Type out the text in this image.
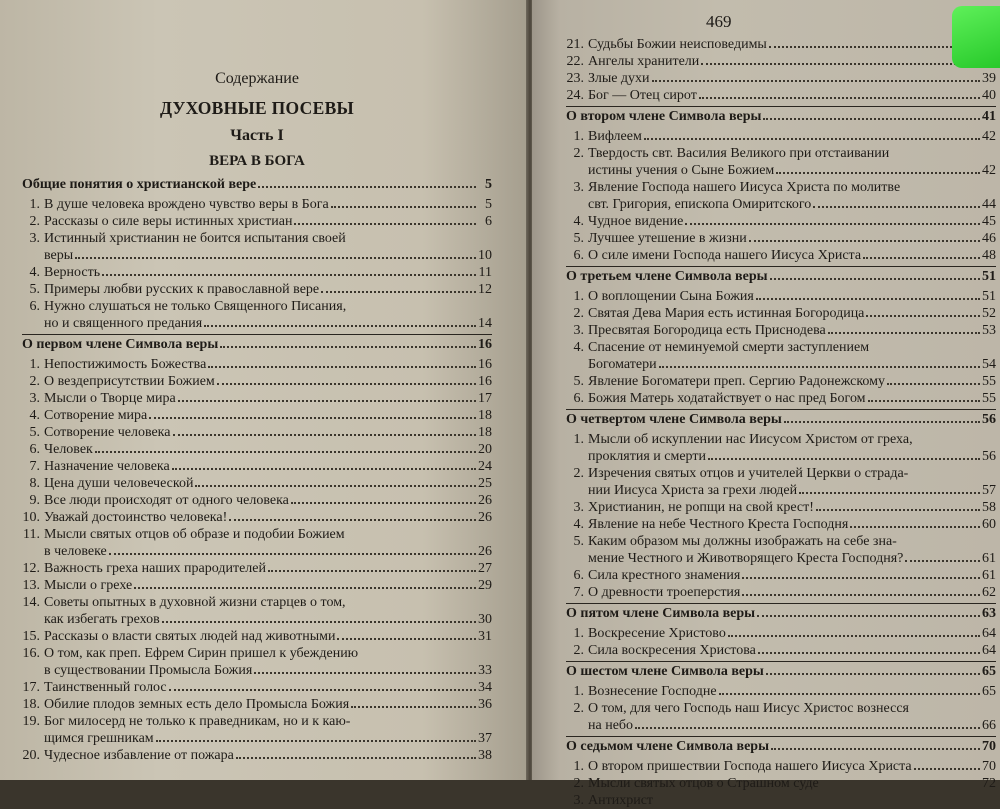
Содержание
ДУХОВНЫЕ ПОСЕВЫ
Часть I
ВЕРА В БОГА
Общие понятия о христианской вере	5
1. В душе человека врождено чувство веры в Бога	5
2. Рассказы о силе веры истинных христиан	6
3. Истинный христианин не боится испытания своей
веры	10
4. Верность	11
5. Примеры любви русских к православной вере	12
6. Нужно слушаться не только Священного Писания,
но и священного предания	14
О первом члене Символа веры	16
1. Непостижимость Божества	16
2. О вездеприсутствии Божием	16
3. Мысли о Творце мира	17
4. Сотворение мира	18
5. Сотворение человека	18
6. Человек	20
7. Назначение человека	24
8. Цена души человеческой	25
9. Все люди происходят от одного человека	26
10. Уважай достоинство человека!	26
11. Мысли святых отцов об образе и подобии Божием
в человеке	26
12. Важность греха наших прародителей	27
13. Мысли о грехе	29
14. Советы опытных в духовной жизни старцев о том,
как избегать грехов	30
15. Рассказы о власти святых людей над животными	31
16. О том, как преп. Ефрем Сирин пришел к убеждению
в существовании Промысла Божия	33
17. Таинственный голос	34
18. Обилие плодов земных есть дело Промысла Божия	36
19. Бог милосерд не только к праведникам, но и к каю-
щимся грешникам	37
20. Чудесное избавление от пожара	38
469
21. Судьбы Божии неисповедимы
22. Ангелы хранители
23. Злые духи	39
24. Бог — Отец сирот	40
О втором члене Символа веры	41
1. Вифлеем	42
2. Твердость свт. Василия Великого при отстаивании
истины учения о Сыне Божием	42
3. Явление Господа нашего Иисуса Христа по молитве
свт. Григория, епископа Омиритского	44
4. Чудное видение	45
5. Лучшее утешение в жизни	46
6. О силе имени Господа нашего Иисуса Христа	48
О третьем члене Символа веры	51
1. О воплощении Сына Божия	51
2. Святая Дева Мария есть истинная Богородица	52
3. Пресвятая Богородица есть Приснодева	53
4. Спасение от неминуемой смерти заступлением
Богоматери	54
5. Явление Богоматери преп. Сергию Радонежскому	55
6. Божия Матерь ходатайствует о нас пред Богом	55
О четвертом члене Символа веры	56
1. Мысли об искуплении нас Иисусом Христом от греха,
проклятия и смерти	56
2. Изречения святых отцов и учителей Церкви о страда-
нии Иисуса Христа за грехи людей	57
3. Христианин, не ропщи на свой крест!	58
4. Явление на небе Честного Креста Господня	60
5. Каким образом мы должны изображать на себе зна-
мение Честного и Животворящего Креста Господня?	61
6. Сила крестного знамения	61
7. О древности троеперстия	62
О пятом члене Символа веры	63
1. Воскресение Христово	64
2. Сила воскресения Христова	64
О шестом члене Символа веры	65
1. Вознесение Господне	65
2. О том, для чего Господь наш Иисус Христос вознесся
на небо	66
О седьмом члене Символа веры	70
1. О втором пришествии Господа нашего Иисуса Христа	70
2. Мысли святых отцов о Страшном суде	72
3. Антихрист
